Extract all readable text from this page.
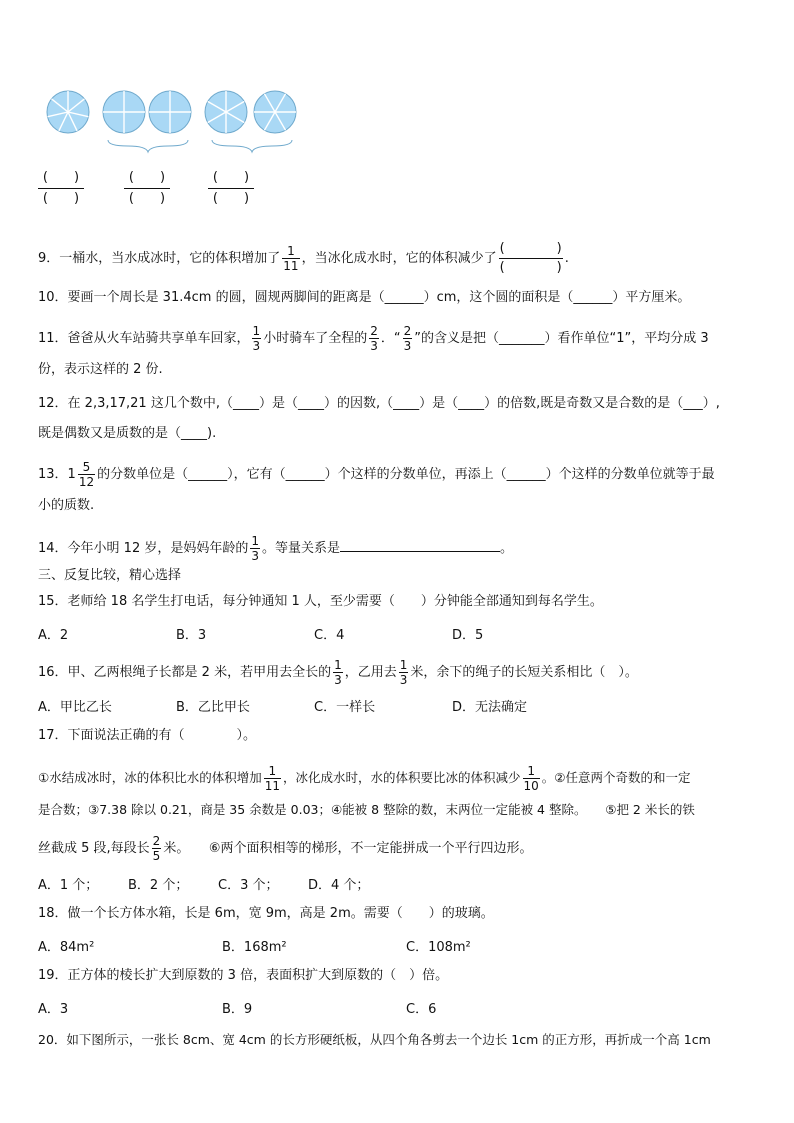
(　　)
(　　)
(　　)
(　　)
(　　)
(　　)
9．一桶水，当水成冰时，它的体积增加了 $\frac{1}{11}$ ，当冰化成水时，它的体积减少了
(　　　　)
(　　　　)
.
10．要画一个周长是 31.4cm 的圆，圆规两脚间的距离是（______）cm，这个圆的面积是（______）平方厘米。
11．爸爸从火车站骑共享单车回家， $\frac{1}{3}$ 小时骑车了全程的 $\frac{2}{3}$ ．“ $\frac{2}{3}$ ”的含义是把（_______）看作单位“1”，平均分成 3
份，表示这样的 2 份.
12．在 2,3,17,21 这几个数中,（____）是（____）的因数,（____）是（____）的倍数,既是奇数又是合数的是（___）,
既是偶数又是质数的是（____).
13．$1 \frac{5}{12}$ 的分数单位是（______），它有（______）个这样的分数单位，再添上（______）个这样的分数单位就等于最
小的质数.
14．今年小明 12 岁，是妈妈年龄的 $\frac{1}{3}$ 。等量关系是	。
三、反复比较，精心选择
15．老师给 18 名学生打电话，每分钟通知 1 人，至少需要（　　）分钟能全部通知到每名学生。
A．2	B．3	C．4	D．5
16．甲、乙两根绳子长都是 2 米，若甲用去全长的 $\frac{1}{3}$ ，乙用去 $\frac{1}{3}$ 米，余下的绳子的长短关系相比（　）。
A．甲比乙长	B．乙比甲长	C．一样长	D．无法确定
17．下面说法正确的有（　　　　）。
①水结成冰时，冰的体积比水的体积增加 $\frac{1}{11}$ ，冰化成水时，水的体积要比冰的体积减少 $\frac{1}{10}$ 。②任意两个奇数的和一定
是合数；③7.38 除以 0.21，商是 35 余数是 0.03；④能被 8 整除的数，末两位一定能被 4 整除。　　⑤把 2 米长的铁
丝截成 5 段,每段长 $\frac{2}{5}$ 米。　　⑥两个面积相等的梯形，不一定能拼成一个平行四边形。
A．1 个； B．2 个； C．3 个； D．4 个；
18．做一个长方体水箱，长是 6m，宽 9m，高是 2m。需要（　　）的玻璃。
A．84m²	B．168m²	C．108m²
19．正方体的棱长扩大到原数的 3 倍，表面积扩大到原数的（　）倍。
A．3	B．9	C．6
20．如下图所示，一张长 8cm、宽 4cm 的长方形硬纸板，从四个角各剪去一个边长 1cm 的正方形，再折成一个高 1cm
